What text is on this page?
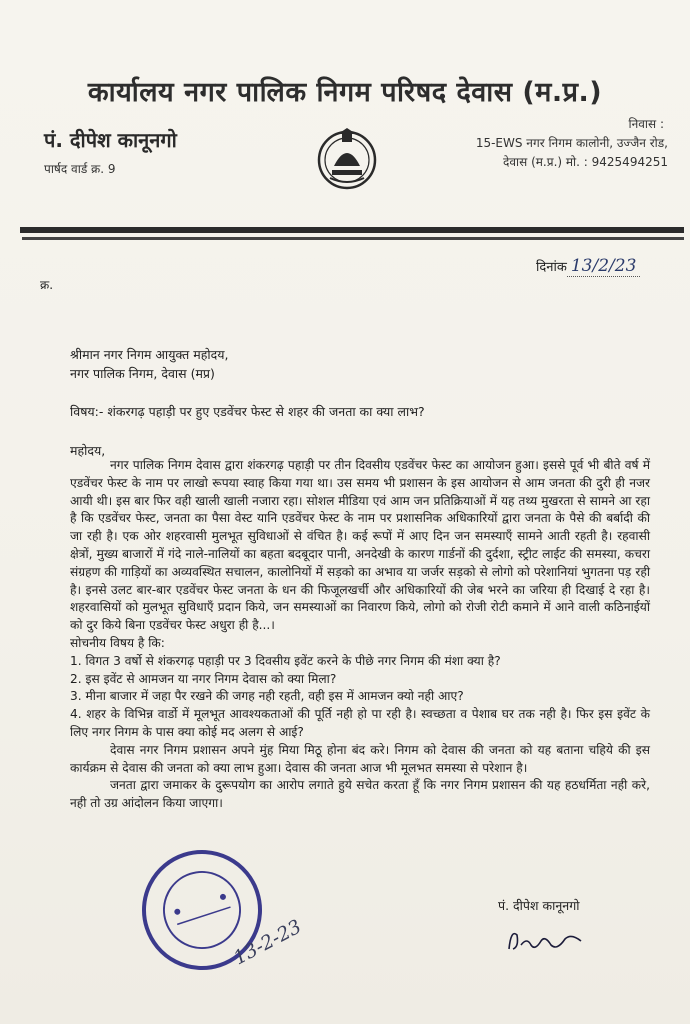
कार्यालय नगर पालिक निगम परिषद देवास (म.प्र.)
पं. दीपेश कानूनगो
पार्षद वार्ड क्र. 9
निवास :
15-EWS नगर निगम कालोनी, उज्जैन रोड,
देवास (म.प्र.) मो. : 9425494251
क्र.
दिनांक 13/2/23
श्रीमान नगर निगम आयुक्त महोदय,
नगर पालिक निगम, देवास (मप्र)
विषय:- शंकरगढ़ पहाड़ी पर हुए एडवेंचर फेस्ट से शहर की जनता का क्या लाभ?
महोदय,

नगर पालिक निगम देवास द्वारा शंकरगढ़ पहाड़ी पर तीन दिवसीय एडवेंचर फेस्ट का आयोजन हुआ। इससे पूर्व भी बीते वर्ष में एडवेंचर फेस्ट के नाम पर लाखो रूपया स्वाह किया गया था। उस समय भी प्रशासन के इस आयोजन से आम जनता की दुरी ही नजर आयी थी। इस बार फिर वही खाली खाली नजारा रहा। सोशल मीडिया एवं आम जन प्रतिक्रियाओं में यह तथ्य मुखरता से सामने आ रहा है कि एडवेंचर फेस्ट, जनता का पैसा वेस्ट यानि एडवेंचर फेस्ट के नाम पर प्रशासनिक अधिकारियों द्वारा जनता के पैसे की बर्बादी की जा रही है। एक ओर शहरवासी मुलभूत सुविधाओं से वंचित है। कई रूपों में आए दिन जन समस्याएँ सामने आती रहती है। रहवासी क्षेत्रों, मुख्य बाजारों में गंदे नाले-नालियों का बहता बदबूदार पानी, अनदेखी के कारण गार्डनों की दुर्दशा, स्ट्रीट लाईट की समस्या, कचरा संग्रहण की गाड़ियों का अव्यवस्थित सचालन, कालोनियों में सड़को का अभाव या जर्जर सड़को से लोगो को परेशानियां भुगतना पड़ रही है। इनसे उलट बार-बार एडवेंचर फेस्ट जनता के धन की फिजूलखर्ची और अधिकारियों की जेब भरने का जरिया ही दिखाई दे रहा है। शहरवासियों को मुलभूत सुविधाएँ प्रदान किये, जन समस्याओं का निवारण किये, लोगो को रोजी रोटी कमाने में आने वाली कठिनाईयों को दुर किये बिना एडवेंचर फेस्ट अधुरा ही है...।

सोचनीय विषय है कि:

1. विगत 3 वर्षो से शंकरगढ़ पहाड़ी पर 3 दिवसीय इवेंट करने के पीछे नगर निगम की मंशा क्या है?

2. इस इवेंट से आमजन या नगर निगम देवास को क्या मिला?

3. मीना बाजार में जहा पैर रखने की जगह नही रहती, वही इस में आमजन क्यो नही आए?

4. शहर के विभिन्न वार्डो में मूलभूत आवश्यकताओं की पूर्ति नही हो पा रही है। स्वच्छता व पेशाब घर तक नही है। फिर इस इवेंट के लिए नगर निगम के पास क्या कोई मद अलग से आई?

देवास नगर निगम प्रशासन अपने मुंह मिया मिठू होना बंद करे। निगम को देवास की जनता को यह बताना चहिये की इस कार्यक्रम से देवास की जनता को क्या लाभ हुआ। देवास की जनता आज भी मूलभत समस्या से परेशान है।

जनता द्वारा जमाकर के दुरूपयोग का आरोप लगाते हुये सचेत करता हूँ कि नगर निगम प्रशासन की यह हठधर्मिता नही करे, नही तो उग्र आंदोलन किया जाएगा।

पं. दीपेश कानूनगो
13-2-23
